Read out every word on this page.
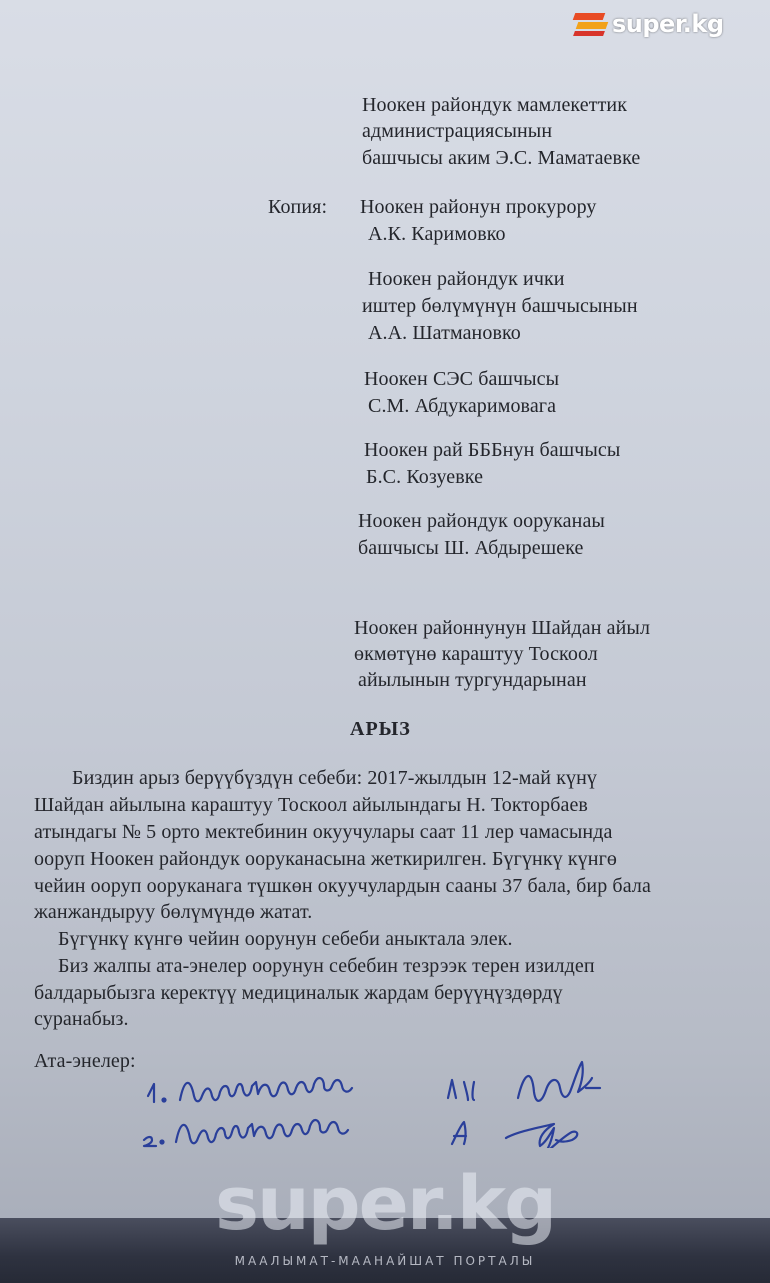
super.kg
Ноокен райондук мамлекеттик
администрациясынын
башчысы аким Э.С. Маматаевке
Копия: Ноокен районун прокурору
А.К. Каримовко
Ноокен райондук ички
иштер бөлүмүнүн башчысынын
А.А. Шатмановко
Ноокен СЭС башчысы
С.М. Абдукаримовага
Ноокен рай БББнун башчысы
Б.С. Козуевке
Ноокен райондук ооруканаы
башчысы Ш. Абдырешеке
Ноокен районнунун Шайдан айыл
өкмөтүнө караштуу Тоскоол
айылынын тургундарынан
АРЫЗ
Биздин арыз берүүбүздүн себеби: 2017-жылдын 12-май күнү
Шайдан айылына караштуу Тоскоол айылындагы Н. Токторбаев
атындагы № 5 орто мектебинин окуучулары саат 11 лер чамасында
ооруп Ноокен райондук ооруканасына жеткирилген. Бүгүнкү күнгө
чейин ооруп ооруканага түшкөн окуучулардын сааны 37 бала, бир бала
жанжандыруу бөлүмүндө жатат.
Бүгүнкү күнгө чейин оорунун себеби аныктала элек.
Биз жалпы ата-энелер оорунун себебин тезрээк терен изилдеп
балдарыбызга керектүү медициналык жардам берүүңүздөрдү
суранабыз.
Ата-энелер:
super.kg
МААЛЫМАТ-МААНАЙШАТ ПОРТАЛЫ
